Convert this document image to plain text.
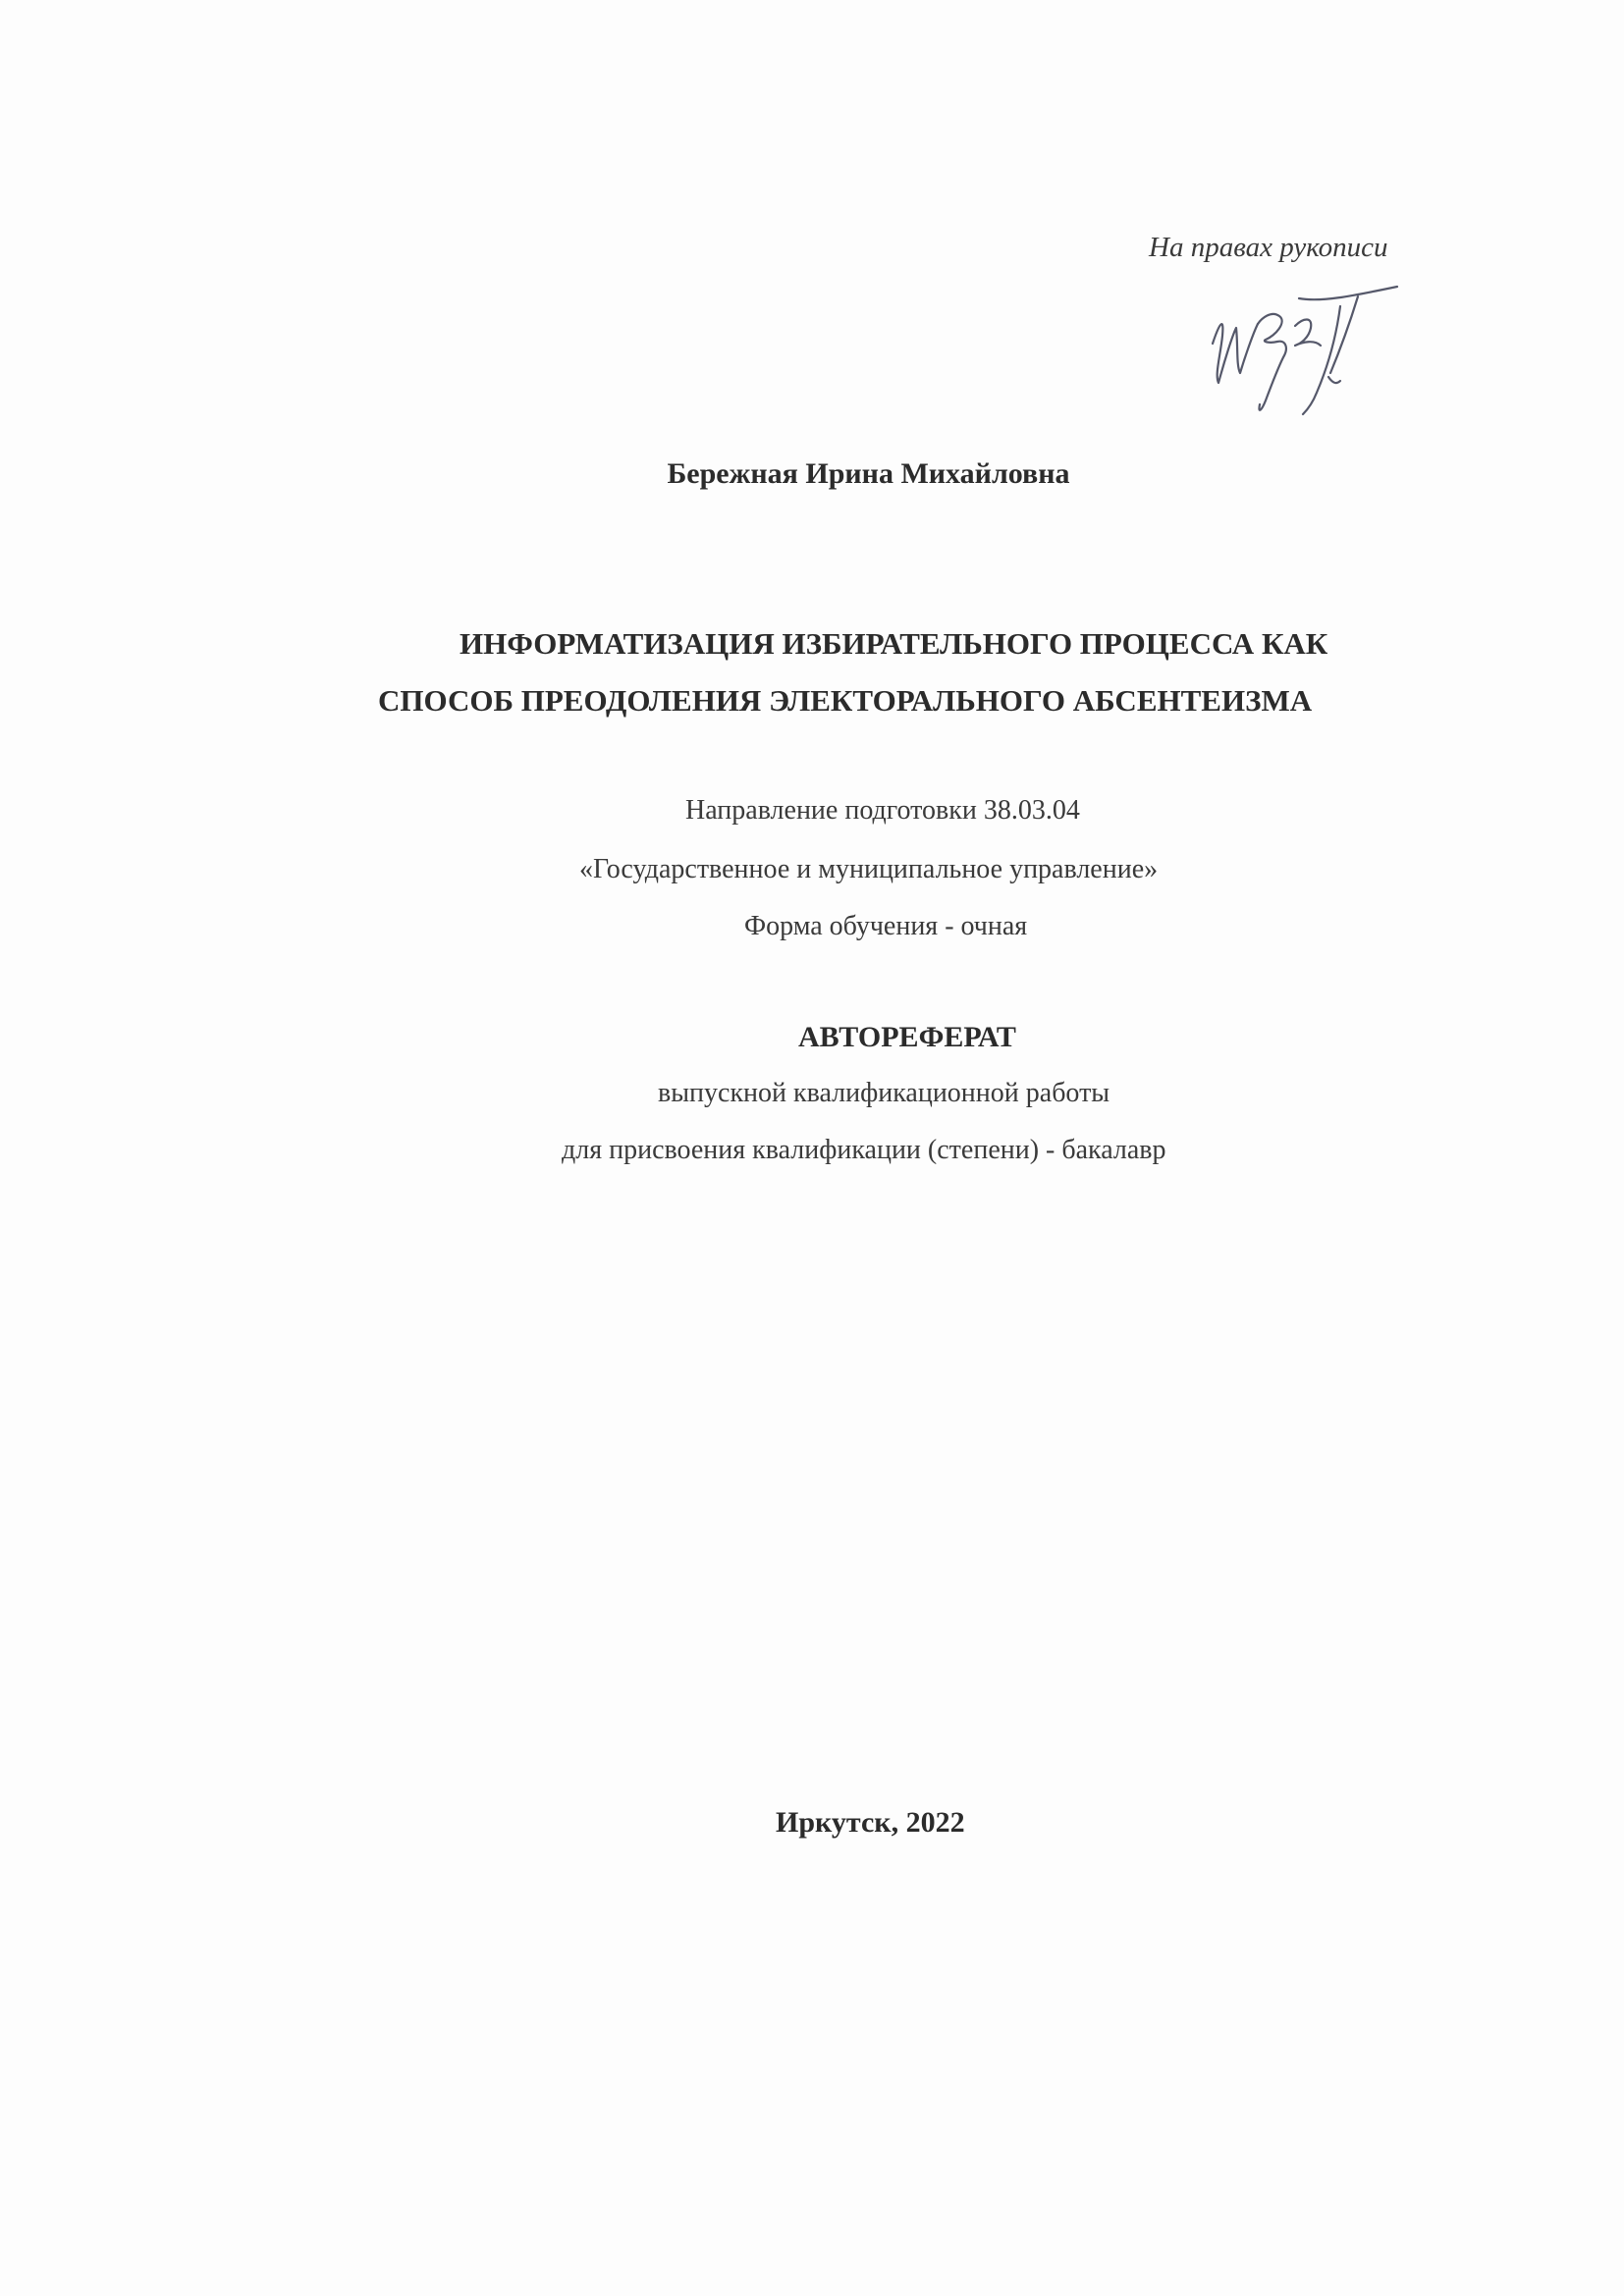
На правах рукописи
Бережная Ирина Михайловна
ИНФОРМАТИЗАЦИЯ ИЗБИРАТЕЛЬНОГО ПРОЦЕССА КАК
СПОСОБ ПРЕОДОЛЕНИЯ ЭЛЕКТОРАЛЬНОГО АБСЕНТЕИЗМА
Направление подготовки 38.03.04
«Государственное и муниципальное управление»
Форма обучения - очная
АВТОРЕФЕРАТ
выпускной квалификационной работы
для присвоения квалификации (степени) - бакалавр
Иркутск, 2022
